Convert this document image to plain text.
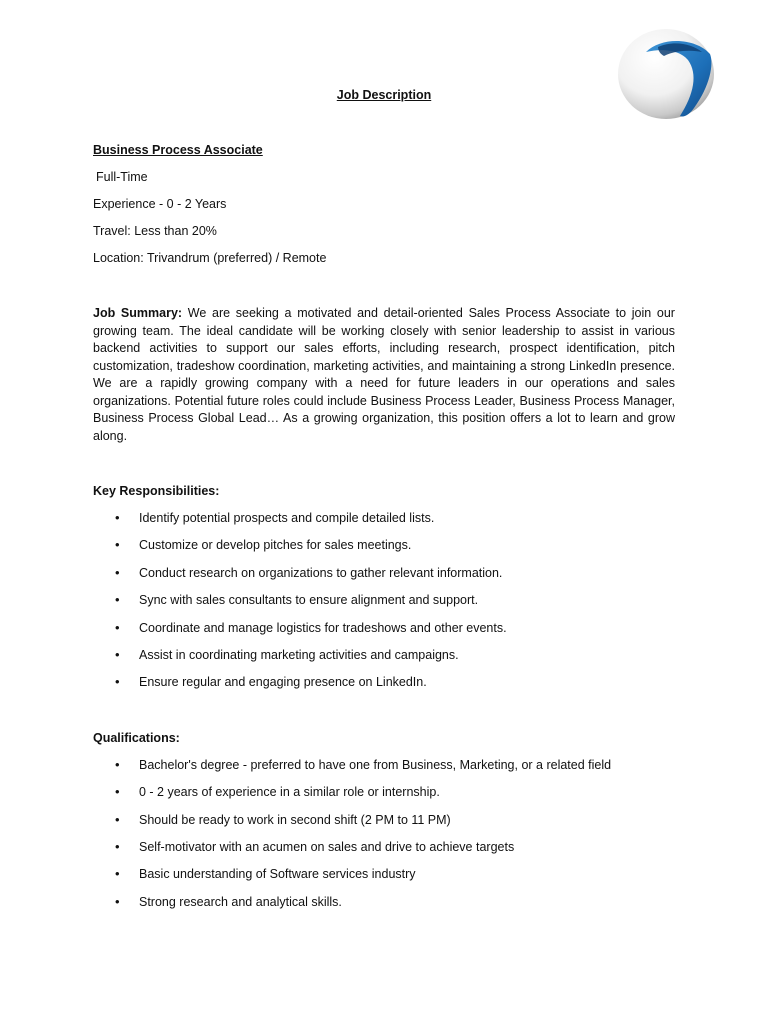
Job Description

Business Process Associate

Full-Time

Experience - 0 - 2 Years

Travel: Less than 20%

Location: Trivandrum (preferred) / Remote

Job Summary: We are seeking a motivated and detail-oriented Sales Process Associate to join our growing team. The ideal candidate will be working closely with senior leadership to assist in various backend activities to support our sales efforts, including research, prospect identification, pitch customization, tradeshow coordination, marketing activities, and maintaining a strong LinkedIn presence. We are a rapidly growing company with a need for future leaders in our operations and sales organizations. Potential future roles could include Business Process Leader, Business Process Manager, Business Process Global Lead… As a growing organization, this position offers a lot to learn and grow along.

Key Responsibilities:

• Identify potential prospects and compile detailed lists.
• Customize or develop pitches for sales meetings.
• Conduct research on organizations to gather relevant information.
• Sync with sales consultants to ensure alignment and support.
• Coordinate and manage logistics for tradeshows and other events.
• Assist in coordinating marketing activities and campaigns.
• Ensure regular and engaging presence on LinkedIn.

Qualifications:

• Bachelor's degree - preferred to have one from Business, Marketing, or a related field
• 0 - 2 years of experience in a similar role or internship.
• Should be ready to work in second shift (2 PM to 11 PM)
• Self-motivator with an acumen on sales and drive to achieve targets
• Basic understanding of Software services industry
• Strong research and analytical skills.
